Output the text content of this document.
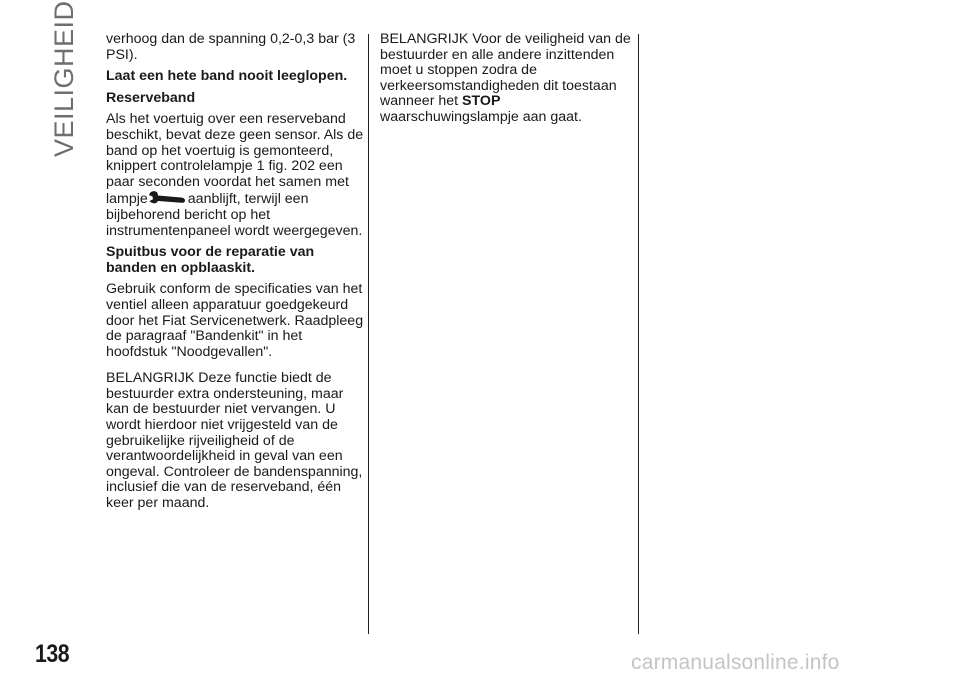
VEILIGHEID verhoog dan de spanning 0,2-0,3 bar (3 PSI).

Laat een hete band nooit leeglopen.

Reserveband

Als het voertuig over een reserveband beschikt, bevat deze geen sensor. Als de band op het voertuig is gemonteerd, knippert controlelampje 1 fig. 202 een paar seconden voordat het samen met lampje	aanblijft, terwijl een bijbehorend bericht op het instrumentenpaneel wordt weergegeven.

Spuitbus voor de reparatie van banden en opblaaskit.

Gebruik conform de specificaties van het ventiel alleen apparatuur goedgekeurd door het Fiat Servicenetwerk. Raadpleeg de paragraaf "Bandenkit" in het hoofdstuk "Noodgevallen".

BELANGRIJK Deze functie biedt de bestuurder extra ondersteuning, maar kan de bestuurder niet vervangen. U wordt hierdoor niet vrijgesteld van de gebruikelijke rijveiligheid of de verantwoordelijkheid in geval van een ongeval. Controleer de bandenspanning, inclusief die van de reserveband, één keer per maand.

BELANGRIJK Voor de veiligheid van de bestuurder en alle andere inzittenden moet u stoppen zodra de verkeersomstandigheden dit toestaan wanneer het STOP waarschuwingslampje aan gaat.

138	carmanualsonline.info
